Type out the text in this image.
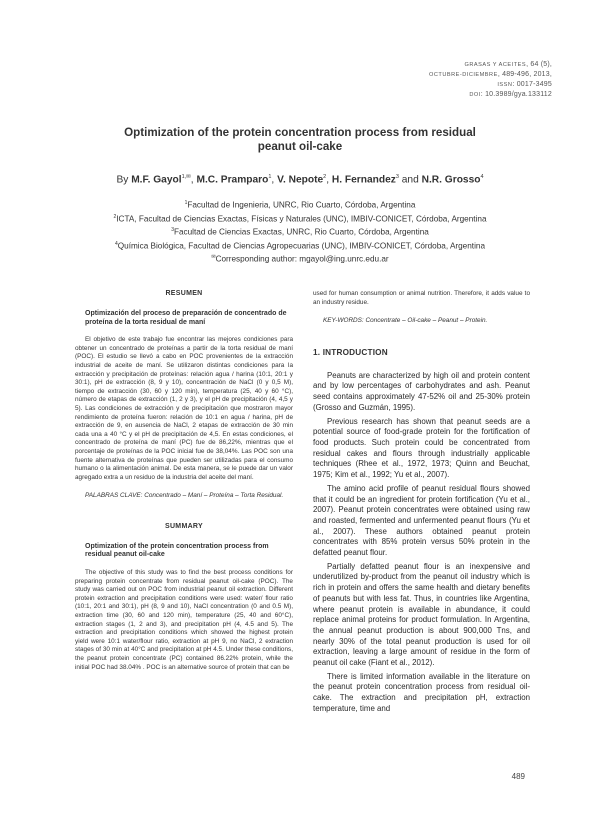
GRASAS Y ACEITES, 64 (5),
OCTUBRE-DICIEMBRE, 489-496, 2013,
ISSN: 0017-3495
DOI: 10.3989/gya.133112
Optimization of the protein concentration process from residual
peanut oil-cake
By M.F. Gayol$^{1,✉}$, M.C. Pramparo$^1$, V. Nepote$^2$, H. Fernandez$^3$ and N.R. Grosso$^4$
$^1$Facultad de Ingenieria, UNRC, Rio Cuarto, Córdoba, Argentina
$^2$ICTA, Facultad de Ciencias Exactas, Físicas y Naturales (UNC), IMBIV-CONICET, Córdoba, Argentina
$^3$Facultad de Ciencias Exactas, UNRC, Rio Cuarto, Córdoba, Argentina
$^4$Química Biológica, Facultad de Ciencias Agropecuarias (UNC), IMBIV-CONICET, Córdoba, Argentina
✉Corresponding author: mgayol@ing.unrc.edu.ar
RESUMEN
Optimización del proceso de preparación de concentrado de proteína de la torta residual de maní

El objetivo de este trabajo fue encontrar las mejores condiciones para obtener un concentrado de proteínas a partir de la torta residual de maní (POC). El estudio se llevó a cabo en POC provenientes de la extracción industrial de aceite de maní. Se utilizaron distintas condiciones para la extracción y precipitación de proteínas: relación agua / harina (10:1, 20:1 y 30:1), pH de extracción (8, 9 y 10), concentración de NaCl (0 y 0,5 M), tiempo de extracción (30, 60 y 120 min), temperatura (25, 40 y 60 °C), número de etapas de extracción (1, 2 y 3), y el pH de precipitación (4, 4,5 y 5). Las condiciones de extracción y de precipitación que mostraron mayor rendimiento de proteína fueron: relación de 10:1 en agua / harina, pH de extracción de 9, en ausencia de NaCl, 2 etapas de extracción de 30 min cada una a 40 °C y el pH de precipitación de 4,5. En estas condiciones, el concentrado de proteína de maní (PC) fue de 86,22%, mientras que el porcentaje de proteínas de la POC inicial fue de 38,04%. Las POC son una fuente alternativa de proteínas que pueden ser utilizadas para el consumo humano o la alimentación animal. De esta manera, se le puede dar un valor agregado extra a un residuo de la industria del aceite del maní.

PALABRAS CLAVE: Concentrado – Maní – Proteína – Torta Residual.

SUMMARY
Optimization of the protein concentration process from residual peanut oil-cake

The objective of this study was to find the best process conditions for preparing protein concentrate from residual peanut oil-cake (POC). The study was carried out on POC from industrial peanut oil extraction. Different protein extraction and precipitation conditions were used: water/ flour ratio (10:1, 20:1 and 30:1), pH (8, 9 and 10), NaCl concentration (0 and 0.5 M), extraction time (30, 60 and 120 min), temperature (25, 40 and 60°C), extraction stages (1, 2 and 3), and precipitation pH (4, 4.5 and 5). The extraction and precipitation conditions which showed the highest protein yield were 10:1 water/flour ratio, extraction at pH 9, no NaCl, 2 extraction stages of 30 min at 40°C and precipitation at pH 4.5. Under these conditions, the peanut protein concentrate (PC) contained 86.22% protein, while the initial POC had 38.04% . POC is an alternative source of protein that can be

used for human consumption or animal nutrition. Therefore, it adds value to an industry residue.

KEY-WORDS: Concentrate – Oil-cake – Peanut – Protein.

1. INTRODUCTION

Peanuts are characterized by high oil and protein content and by low percentages of carbohydrates and ash. Peanut seed contains approximately 47-52% oil and 25-30% protein (Grosso and Guzmán, 1995).

Previous research has shown that peanut seeds are a potential source of food-grade protein for the fortification of food products. Such protein could be concentrated from residual cakes and flours through industrially applicable techniques (Rhee et al., 1972, 1973; Quinn and Beuchat, 1975; Kim et al., 1992; Yu et al., 2007).

The amino acid profile of peanut residual flours showed that it could be an ingredient for protein fortification (Yu et al., 2007). Peanut protein concentrates were obtained using raw and roasted, fermented and unfermented peanut flours (Yu et al., 2007). These authors obtained peanut protein concentrates with 85% protein versus 50% protein in the defatted peanut flour.

Partially defatted peanut flour is an inexpensive and underutilized by-product from the peanut oil industry which is rich in protein and offers the same health and dietary benefits of peanuts but with less fat. Thus, in countries like Argentina, where peanut protein is available in abundance, it could replace animal proteins for product formulation. In Argentina, the annual peanut production is about 900,000 Tns, and nearly 30% of the total peanut production is used for oil extraction, leaving a large amount of residue in the form of peanut oil cake (Fiant et al., 2012).

There is limited information available in the literature on the peanut protein concentration process from residual oil-cake. The extraction and precipitation pH, extraction temperature, time and

489
